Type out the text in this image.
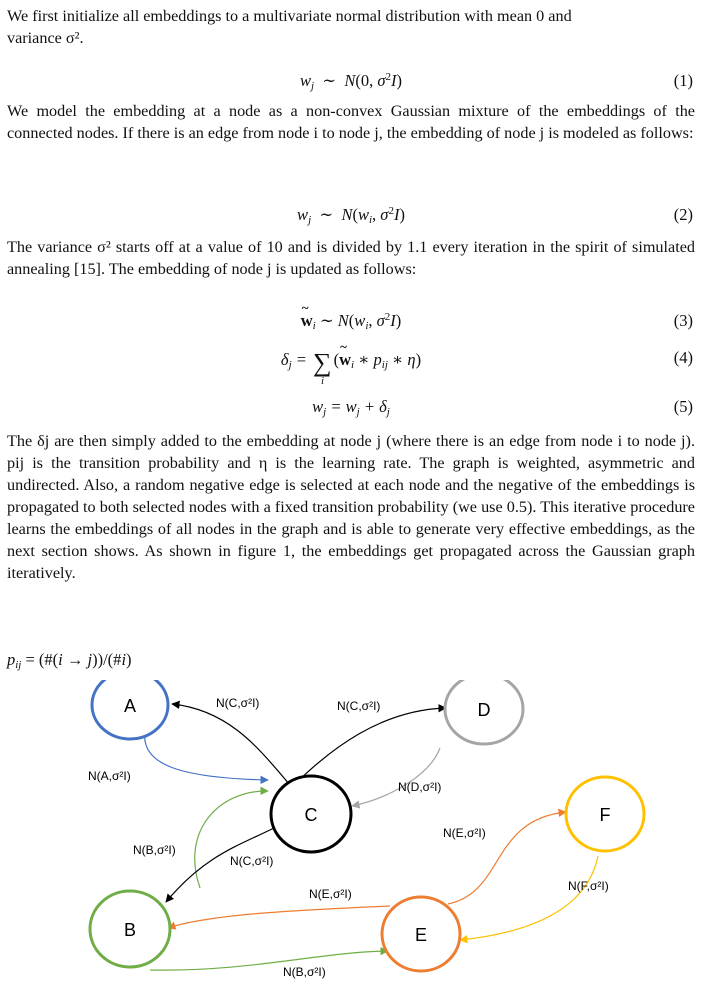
We first initialize all embeddings to a multivariate normal distribution with mean 0 and
variance σ².

$w_j$  ∼  N(0, $\sigma^2I$)	(1)

We model the embedding at a node as a non-convex Gaussian mixture of the embeddings of the connected nodes. If there is an edge from node i to node j, the embedding of node j is modeled as follows:

$w_j$  ∼  $N(w_i$, $\sigma^2I$)	(2)

The variance σ² starts off at a value of 10 and is divided by 1.1 every iteration in the spirit of simulated annealing [15]. The embedding of node j is updated as follows:

~ $w_i$ ∼ $N(w_i$, $\sigma^2I$)	(3)
$\delta_j$ = ∑
i
(~ $w_i$ ∗ $p_{ij}$ ∗ η)	(4)
$w_j = w_j + \delta_j$	(5)

The δj are then simply added to the embedding at node j (where there is an edge from node i to node j). pij is the transition probability and η is the learning rate. The graph is weighted, asymmetric and undirected. Also, a random negative edge is selected at each node and the negative of the embeddings is propagated to both selected nodes with a fixed transition probability (we use 0.5). This iterative procedure learns the embeddings of all nodes in the graph and is able to generate very effective embeddings, as the next section shows. As shown in figure 1, the embeddings get propagated across the Gaussian graph iteratively.

$p_{ij}$ = (#(i → j))/(#i)
A	D
C	F
B	E
N(C,σ²I)	N(C,σ²I)
N(A,σ²I)
N(D,σ²I)
N(B,σ²I)
N(C,σ²I)
N(E,σ²I)
N(F,σ²I)
N(E,σ²I)
N(B,σ²I)
